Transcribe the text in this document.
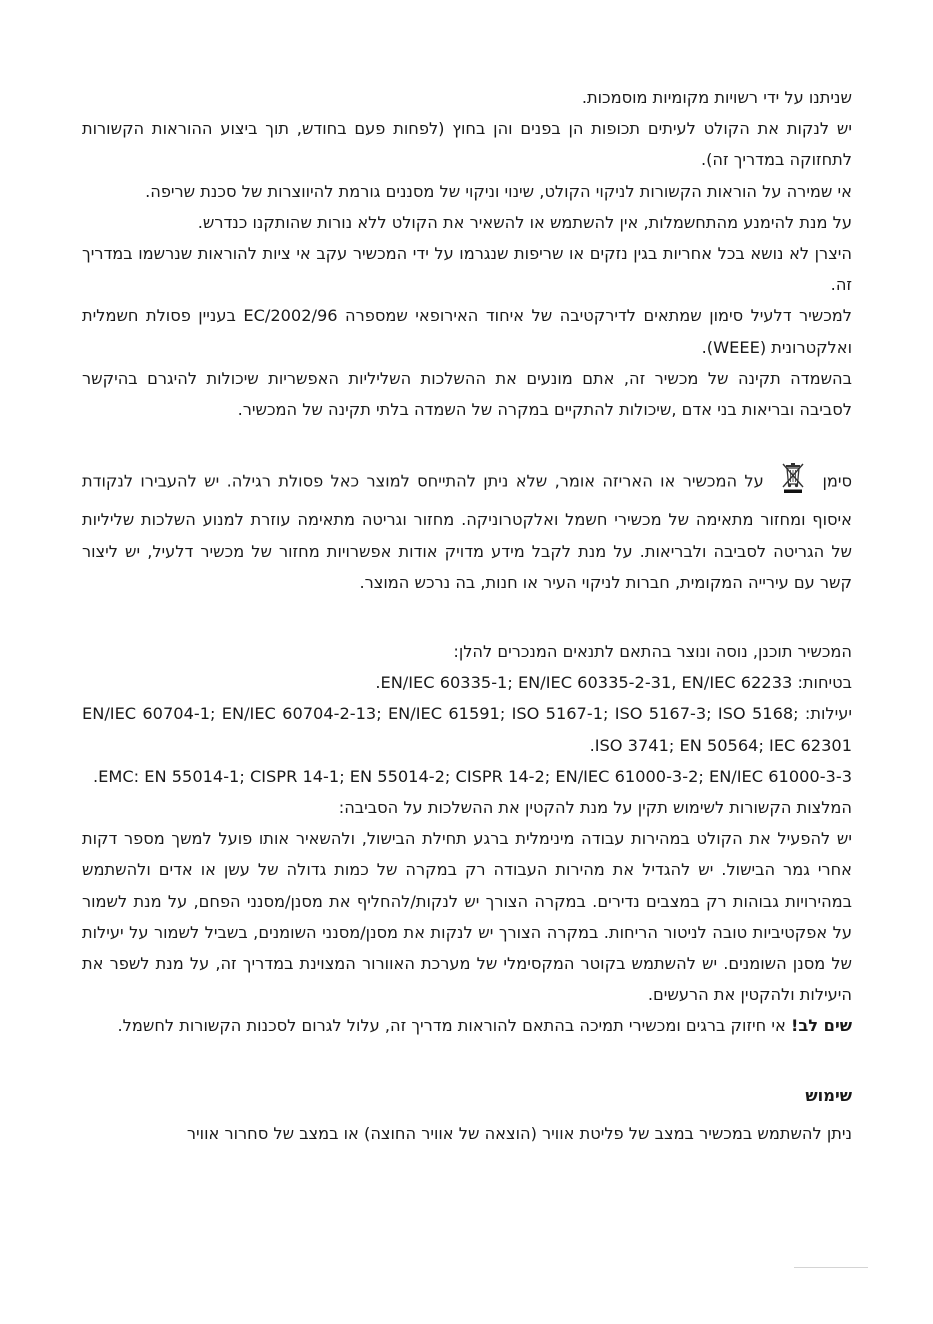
שניתנו על ידי רשויות מקומיות מוסמכות.

יש לנקות את הקולט לעיתים תכופות הן בפנים והן בחוץ (לפחות פעם בחודש, תוך ביצוע ההוראות הקשורות לתחזוקה במדריך זה).

אי שמירה על הוראות הקשורות לניקוי הקולט, שינוי וניקוי של מסננים גורמת להיווצרות של סכנת שריפה.

על מנת להימנע מהתחשמלות, אין להשתמש או להשאיר את הקולט ללא נורות שהותקנו כנדרש.

היצרן לא נושא בכל אחריות בגין נזקים או שריפות שנגרמו על ידי המכשיר עקב אי ציות להוראות שנרשמו במדריך זה.

למכשיר דלעיל סימון שמתאים לדירקטיבה של איחוד האירופאי שמספרה EC/2002/96 בעניין פסולת חשמלית ואלקטרונית (WEEE).

בהשמדה תקינה של מכשיר זה, אתם מונעים את ההשלכות השליליות האפשריות שיכולות להיגרם בהיקשר לסביבה ובריאות בני אדם ,שיכולות להתקיים במקרה של השמדה בלתי תקינה של המכשיר.

סימן  על המכשיר או האריזה אומר, שלא ניתן להתייחס למוצר כאל פסולת רגילה. יש להעבירו לנקודת איסוף ומחזור מתאימה של מכשירי חשמל ואלקטרוניקה. מחזור וגריטה מתאימה עוזרת למנוע השלכות שליליות של הגריטה לסביבה ולבריאות. על מנת לקבל מידע מדויק אודות אפשרויות מחזור של מכשיר דלעיל, יש ליצור קשר עם עירייה המקומית, חברות לניקוי העיר או חנות, בה נרכש המוצר.

המכשיר תוכנן, נוסה ונוצר בהתאם לתנאים המנכרים להלן:

בטיחות: EN/IEC 60335-1; EN/IEC 60335-2-31, EN/IEC 62233.

יעילות: EN/IEC 60704-1; EN/IEC 60704-2-13; EN/IEC 61591; ISO 5167-1; ISO 5167-3; ISO 5168; ISO 3741; EN 50564; IEC 62301.

EMC: EN 55014-1; CISPR 14-1; EN 55014-2; CISPR 14-2; EN/IEC 61000-3-2; EN/IEC 61000-3-3.

המלצות הקשורות לשימוש תקין על מנת להקטין את ההשלכות על הסביבה:

יש להפעיל את הקולט במהירות עבודה מינימלית ברגע תחילת הבישול, ולהשאיר אותו פועל למשך מספר דקות אחרי גמר הבישול. יש להגדיל את מהירות העבודה רק במקרה של כמות גדולה של עשן או אדים ולהשתמש במהירויות גבוהות רק במצבים נדירים. במקרה הצורך יש לנקות/להחליף את מסנן/מסנני הפחם, על מנת לשמור על אפקטיביות טובה לניטור הריחות. במקרה הצורך יש לנקות את מסנן/מסנני השומנים, בשביל לשמור על יעילות של מסנן השומנים. יש להשתמש בקוטר המקסימלי של מערכת האוורור המצוינת במדריך זה, על מנת לשפר את היעילות ולהקטין את הרעשים.

שים לב! אי חיזוק ברגים ומכשירי תמיכה בהתאם להוראות מדריך זה, עלול לגרום לסכנות הקשורות לחשמל.

שימוש

ניתן להשתמש במכשיר במצב של פליטת אוויר (הוצאה של אוויר החוצה) או במצב של סחרור אוויר
